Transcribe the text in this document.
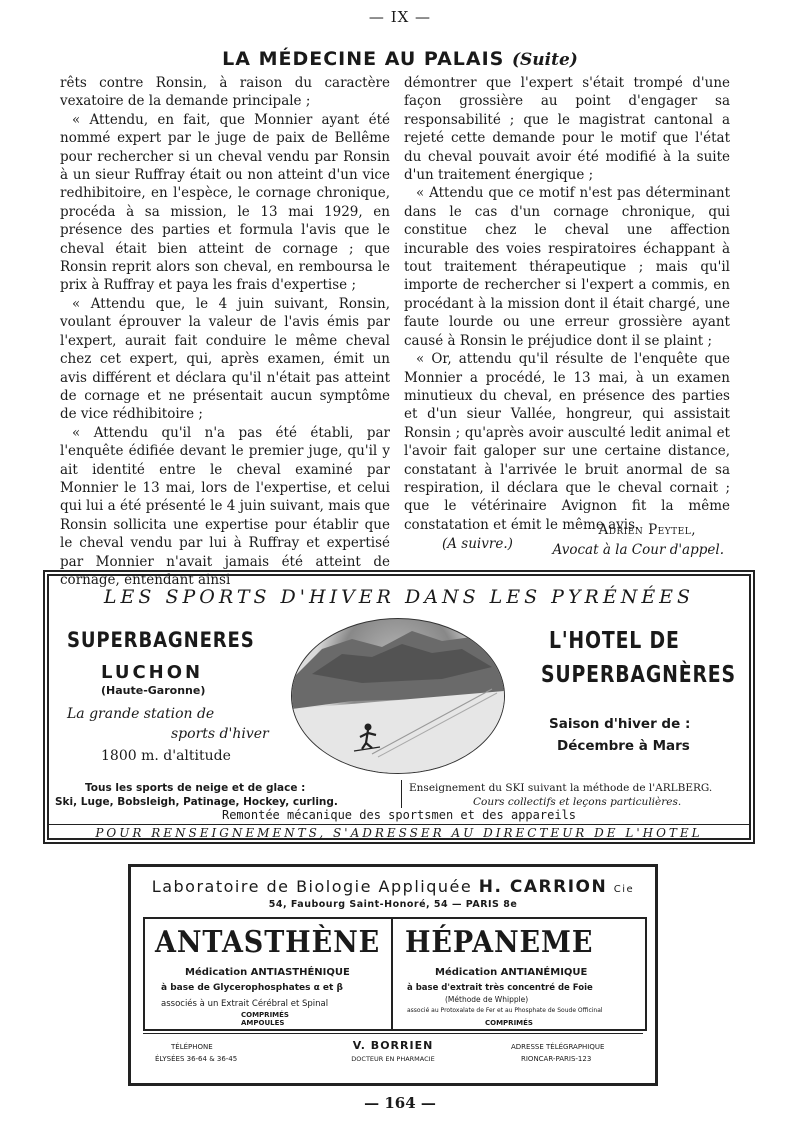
— IX —
LA MÉDECINE AU PALAIS (Suite)

rêts contre Ronsin, à raison du caractère vexatoire de la demande principale ;

« Attendu, en fait, que Monnier ayant été nommé expert par le juge de paix de Bellême pour rechercher si un cheval vendu par Ronsin à un sieur Ruffray était ou non atteint d'un vice redhibitoire, en l'espèce, le cornage chronique, procéda à sa mission, le 13 mai 1929, en présence des parties et formula l'avis que le cheval était bien atteint de cornage ; que Ronsin reprit alors son cheval, en remboursa le prix à Ruffray et paya les frais d'expertise ;

« Attendu que, le 4 juin suivant, Ronsin, voulant éprouver la valeur de l'avis émis par l'expert, aurait fait conduire le même cheval chez cet expert, qui, après examen, émit un avis différent et déclara qu'il n'était pas atteint de cornage et ne présentait aucun symptôme de vice rédhibitoire ;

« Attendu qu'il n'a pas été établi, par l'enquête édifiée devant le premier juge, qu'il y ait identité entre le cheval examiné par Monnier le 13 mai, lors de l'expertise, et celui qui lui a été présenté le 4 juin suivant, mais que Ronsin sollicita une expertise pour établir que le cheval vendu par lui à Ruffray et expertisé par Monnier n'avait jamais été atteint de cornage, entendant ainsi

démontrer que l'expert s'était trompé d'une façon grossière au point d'engager sa responsabilité ; que le magistrat cantonal a rejeté cette demande pour le motif que l'état du cheval pouvait avoir été modifié à la suite d'un traitement énergique ;

« Attendu que ce motif n'est pas déterminant dans le cas d'un cornage chronique, qui constitue chez le cheval une affection incurable des voies respiratoires échappant à tout traitement thérapeutique ; mais qu'il importe de rechercher si l'expert a commis, en procédant à la mission dont il était chargé, une faute lourde ou une erreur grossière ayant causé à Ronsin le préjudice dont il se plaint ;

« Or, attendu qu'il résulte de l'enquête que Monnier a procédé, le 13 mai, à un examen minutieux du cheval, en présence des parties et d'un sieur Vallée, hongreur, qui assistait Ronsin ; qu'après avoir ausculté ledit animal et l'avoir fait galoper sur une certaine distance, constatant à l'arrivée le bruit anormal de sa respiration, il déclara que le cheval cornait ; que le vétérinaire Avignon fit la même constatation et émit le même avis.

(A suivre.)
Adrien Peytel,
Avocat à la Cour d'appel.
LES SPORTS D'HIVER DANS LES PYRÉNÉES
SUPERBAGNERES
LUCHON
(Haute-Garonne)
La grande station de
sports d'hiver
1800 m. d'altitude
L'HOTEL DE
SUPERBAGNÈRES
Saison d'hiver de :
Décembre à Mars
Tous les sports de neige et de glace :
Ski, Luge, Bobsleigh, Patinage, Hockey, curling.
Enseignement du SKI suivant la méthode de l'ARLBERG.
Cours collectifs et leçons particulières.
Remontée mécanique des sportsmen et des appareils
POUR RENSEIGNEMENTS, S'ADRESSER AU DIRECTEUR DE L'HOTEL
Laboratoire de Biologie Appliquée H. CARRION Cie
54, Faubourg Saint-Honoré, 54 — PARIS 8e
ANTASTHÈNE
Médication ANTIASTHÉNIQUE
à base de Glycerophosphates α et β
associés à un Extrait Cérébral et Spinal
COMPRIMÉS
AMPOULES
HÉPANEME
Médication ANTIANÉMIQUE
à base d'extrait très concentré de Foie
(Méthode de Whipple)
associé au Protoxalate de Fer et au Phosphate de Soude Officinal
COMPRIMÉS
TÉLÉPHONE
ÉLYSÉES 36-64 & 36-45
V. BORRIEN
DOCTEUR EN PHARMACIE
ADRESSE TÉLÉGRAPHIQUE
RIONCAR-PARIS-123
— 164 —
